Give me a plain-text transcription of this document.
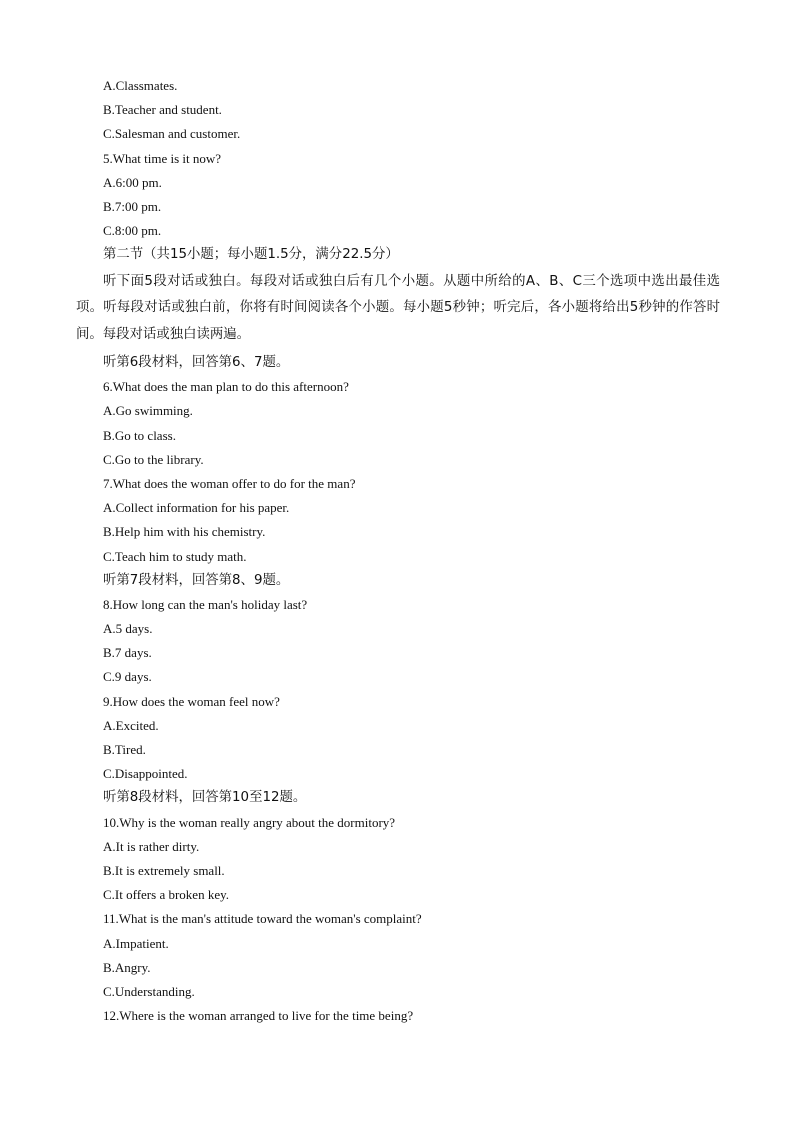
A.Classmates.
B.Teacher and student.
C.Salesman and customer.
5.What time is it now?
A.6:00 pm.
B.7:00 pm.
C.8:00 pm.
第二节（共15小题；每小题1.5分，满分22.5分）

听下面5段对话或独白。每段对话或独白后有几个小题。从题中所给的A、B、C三个选项中选出最佳选项。听每段对话或独白前，你将有时间阅读各个小题。每小题5秒钟；听完后，各小题将给出5秒钟的作答时间。每段对话或独白读两遍。

听第6段材料，回答第6、7题。
6.What does the man plan to do this afternoon?
A.Go swimming.
B.Go to class.
C.Go to the library.
7.What does the woman offer to do for the man?
A.Collect information for his paper.
B.Help him with his chemistry.
C.Teach him to study math.
听第7段材料，回答第8、9题。
8.How long can the man's holiday last?
A.5 days.
B.7 days.
C.9 days.
9.How does the woman feel now?
A.Excited.
B.Tired.
C.Disappointed.
听第8段材料，回答第10至12题。
10.Why is the woman really angry about the dormitory?
A.It is rather dirty.
B.It is extremely small.
C.It offers a broken key.
11.What is the man's attitude toward the woman's complaint?
A.Impatient.
B.Angry.
C.Understanding.
12.Where is the woman arranged to live for the time being?
